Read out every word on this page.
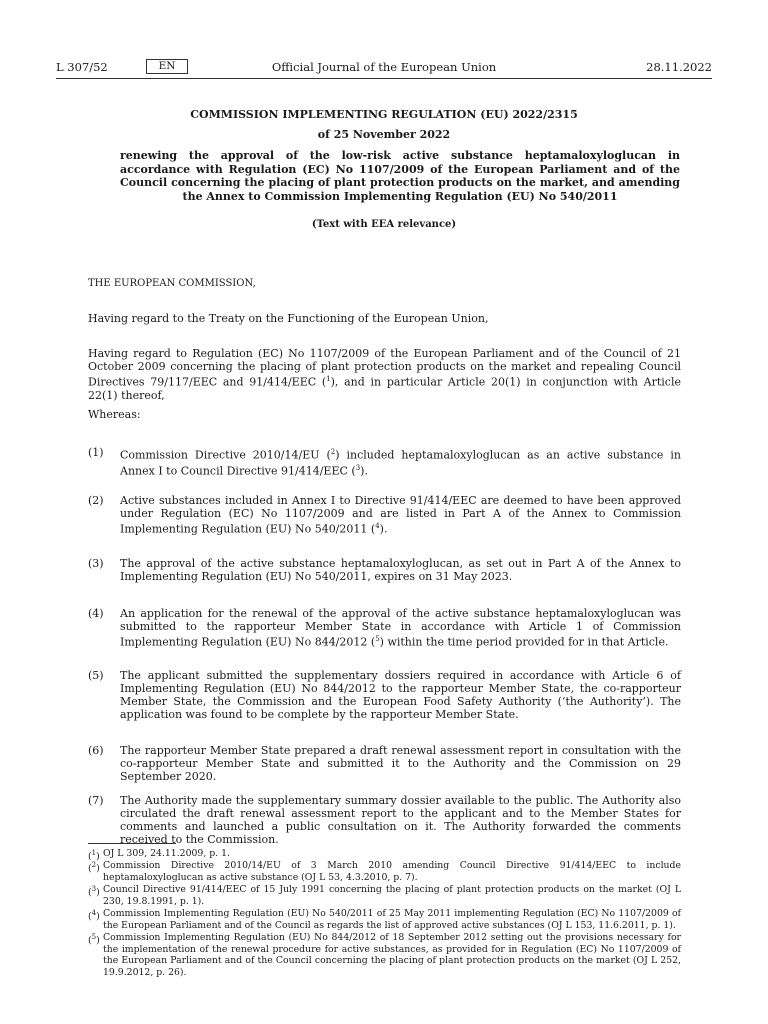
L 307/52	EN	Official Journal of the European Union	28.11.2022
COMMISSION IMPLEMENTING REGULATION (EU) 2022/2315
of 25 November 2022
renewing the approval of the low-risk active substance heptamaloxyloglucan in accordance with Regulation (EC) No 1107/2009 of the European Parliament and of the Council concerning the placing of plant protection products on the market, and amending the Annex to Commission Implementing Regulation (EU) No 540/2011
(Text with EEA relevance)
THE EUROPEAN COMMISSION,
Having regard to the Treaty on the Functioning of the European Union,
Having regard to Regulation (EC) No 1107/2009 of the European Parliament and of the Council of 21 October 2009 concerning the placing of plant protection products on the market and repealing Council Directives 79/117/EEC and 91/414/EEC ($^1$), and in particular Article 20(1) in conjunction with Article 22(1) thereof,
Whereas:
(1) Commission Directive 2010/14/EU ($^2$) included heptamaloxyloglucan as an active substance in Annex I to Council Directive 91/414/EEC ($^3$).
(2) Active substances included in Annex I to Directive 91/414/EEC are deemed to have been approved under Regulation (EC) No 1107/2009 and are listed in Part A of the Annex to Commission Implementing Regulation (EU) No 540/2011 ($^4$).
(3) The approval of the active substance heptamaloxyloglucan, as set out in Part A of the Annex to Implementing Regulation (EU) No 540/2011, expires on 31 May 2023.
(4) An application for the renewal of the approval of the active substance heptamaloxyloglucan was submitted to the rapporteur Member State in accordance with Article 1 of Commission Implementing Regulation (EU) No 844/2012 ($^5$) within the time period provided for in that Article.
(5) The applicant submitted the supplementary dossiers required in accordance with Article 6 of Implementing Regulation (EU) No 844/2012 to the rapporteur Member State, the co-rapporteur Member State, the Commission and the European Food Safety Authority (‘the Authority’). The application was found to be complete by the rapporteur Member State.
(6) The rapporteur Member State prepared a draft renewal assessment report in consultation with the co-rapporteur Member State and submitted it to the Authority and the Commission on 29 September 2020.
(7) The Authority made the supplementary summary dossier available to the public. The Authority also circulated the draft renewal assessment report to the applicant and to the Member States for comments and launched a public consultation on it. The Authority forwarded the comments received to the Commission.
($^1$) OJ L 309, 24.11.2009, p. 1.
($^2$) Commission Directive 2010/14/EU of 3 March 2010 amending Council Directive 91/414/EEC to include heptamaloxyloglucan as active substance (OJ L 53, 4.3.2010, p. 7).
($^3$) Council Directive 91/414/EEC of 15 July 1991 concerning the placing of plant protection products on the market (OJ L 230, 19.8.1991, p. 1).
($^4$) Commission Implementing Regulation (EU) No 540/2011 of 25 May 2011 implementing Regulation (EC) No 1107/2009 of the European Parliament and of the Council as regards the list of approved active substances (OJ L 153, 11.6.2011, p. 1).
($^5$) Commission Implementing Regulation (EU) No 844/2012 of 18 September 2012 setting out the provisions necessary for the implementation of the renewal procedure for active substances, as provided for in Regulation (EC) No 1107/2009 of the European Parliament and of the Council concerning the placing of plant protection products on the market (OJ L 252, 19.9.2012, p. 26).
